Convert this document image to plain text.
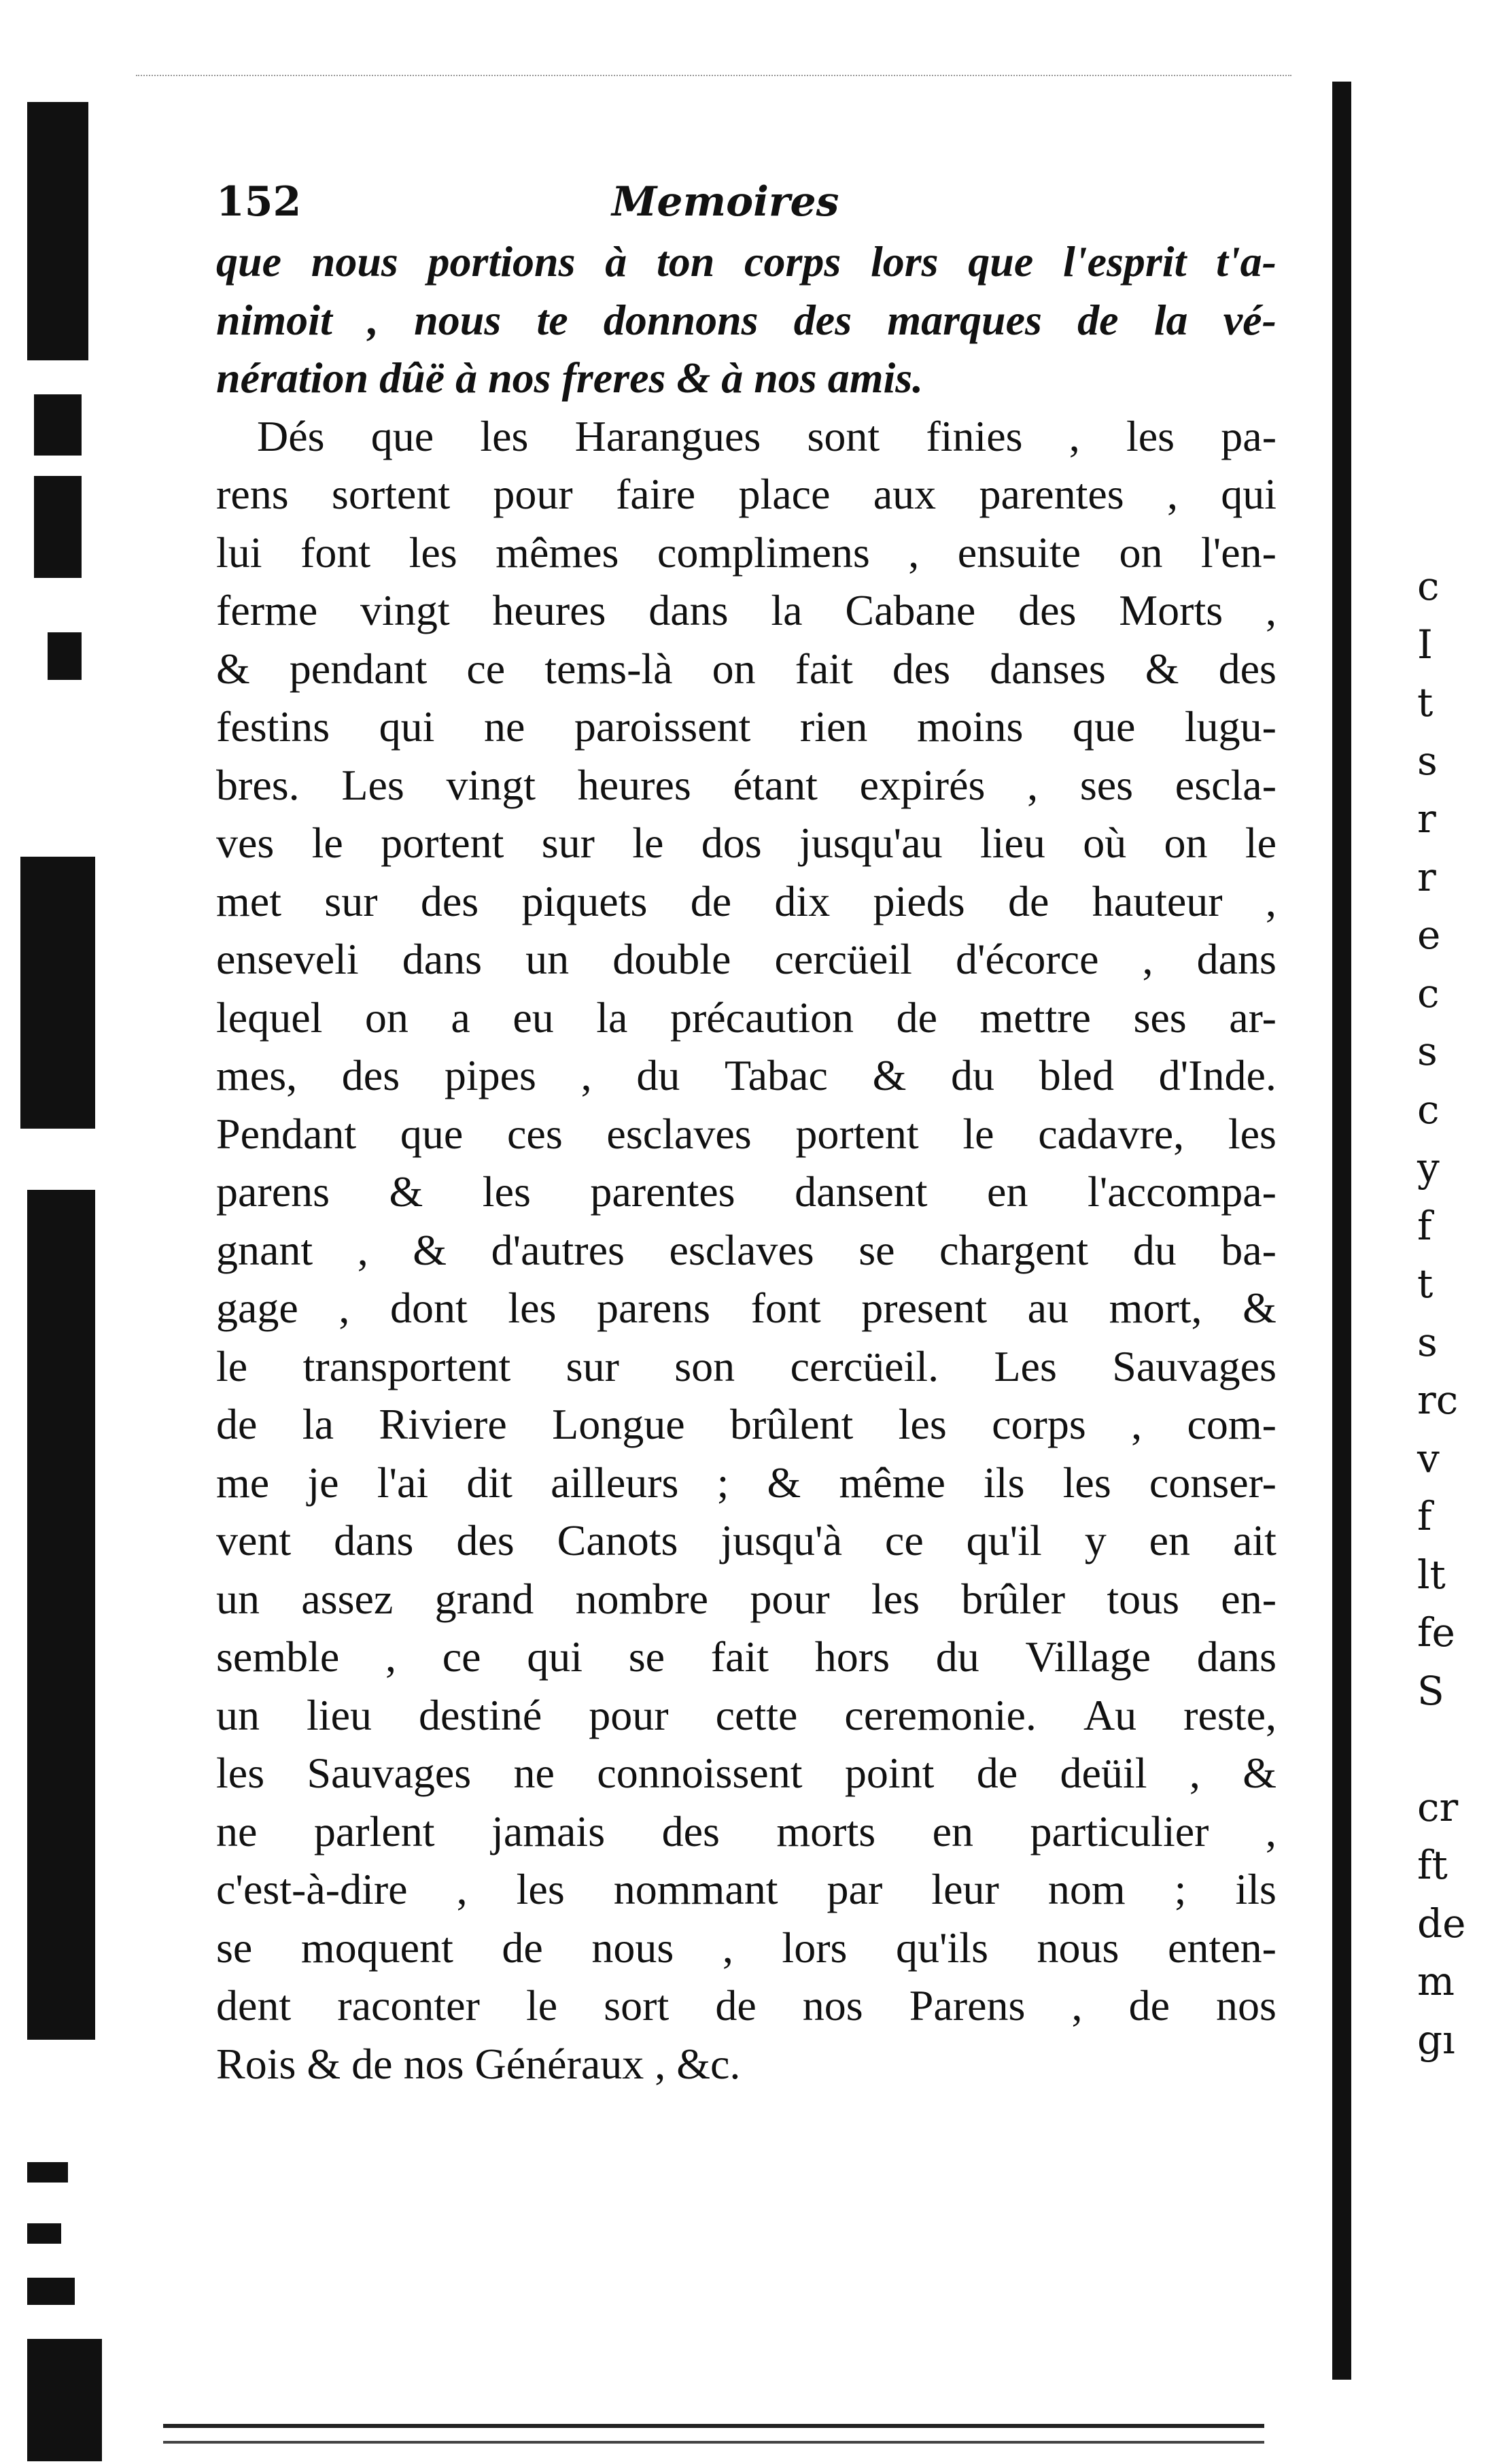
152	Memoires
que nous portions à ton corps lors que l'esprit t'a-
nimoit , nous te donnons des marques de la vé-
nération dûë à nos freres & à nos amis.
Dés que les Harangues sont finies , les pa-
rens sortent pour faire place aux parentes , qui
lui font les mêmes complimens , ensuite on l'en-
ferme vingt heures dans la Cabane des Morts ,
& pendant ce tems-là on fait des danses & des
festins qui ne paroissent rien moins que lugu-
bres. Les vingt heures étant expirés , ses escla-
ves le portent sur le dos jusqu'au lieu où on le
met sur des piquets de dix pieds de hauteur ,
enseveli dans un double cercüeil d'écorce , dans
lequel on a eu la précaution de mettre ses ar-
mes, des pipes , du Tabac & du bled d'Inde.
Pendant que ces esclaves portent le cadavre, les
parens & les parentes dansent en l'accompa-
gnant , & d'autres esclaves se chargent du ba-
gage , dont les parens font present au mort, &
le transportent sur son cercüeil. Les Sauvages
de la Riviere Longue brûlent les corps , com-
me je l'ai dit ailleurs ; & même ils les conser-
vent dans des Canots jusqu'à ce qu'il y en ait
un assez grand nombre pour les brûler tous en-
semble , ce qui se fait hors du Village dans
un lieu destiné pour cette ceremonie. Au reste,
les Sauvages ne connoissent point de deüil , &
ne parlent jamais des morts en particulier ,
c'est-à-dire , les nommant par leur nom ; ils
se moquent de nous , lors qu'ils nous enten-
dent raconter le sort de nos Parens , de nos
Rois & de nos Généraux , &c.
c
I
t
s
r
r
e
c
s
c
y
f
t
s
rc
v
f
lt
fe
S
cr
ft
de
m
gı
